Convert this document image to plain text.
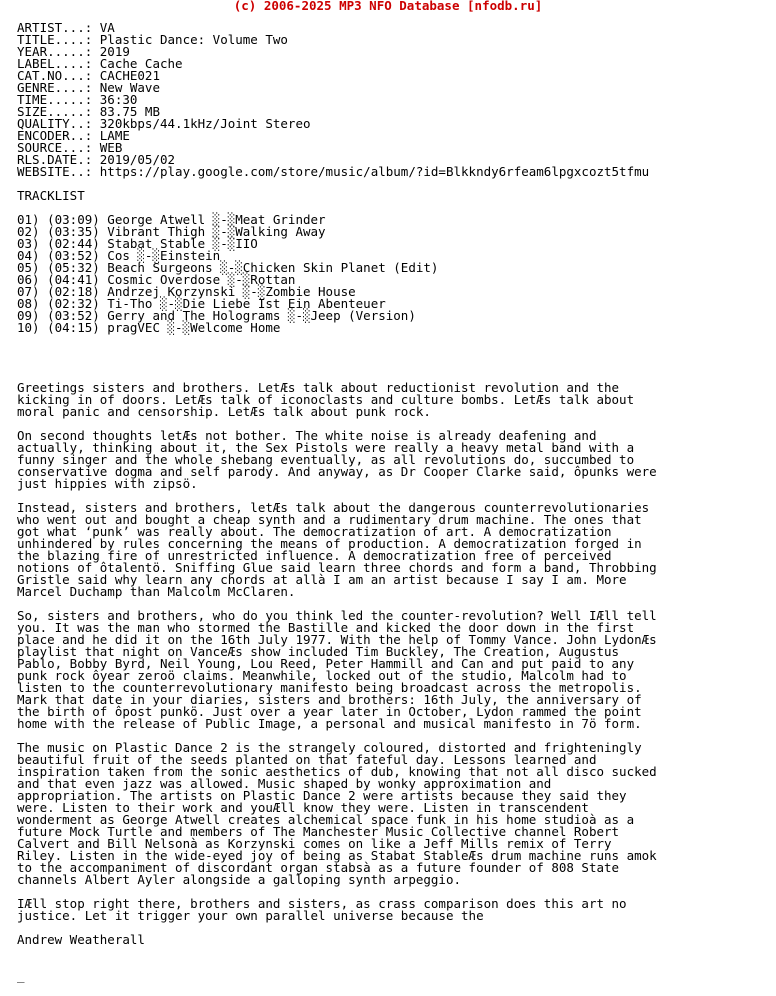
(c) 2006-2025 MP3 NFO Database [nfodb.ru]
ARTIST...: VA
TITLE....: Plastic Dance: Volume Two
YEAR.....: 2019
LABEL....: Cache Cache
CAT.NO...: CACHE021
GENRE....: New Wave
TIME.....: 36:30
SIZE.....: 83.75 MB
QUALITY..: 320kbps/44.1kHz/Joint Stereo
ENCODER..: LAME
SOURCE...: WEB
RLS.DATE.: 2019/05/02
WEBSITE..: https://play.google.com/store/music/album/?id=Blkkndy6rfeam6lpgxcozt5tfmu
TRACKLIST
01) (03:09) George Atwell ░-░Meat Grinder
02) (03:35) Vibrant Thigh ░-░Walking Away
03) (02:44) Stabat Stable ░-░IIO
04) (03:52) Cos ░-░Einstein
05) (05:32) Beach Surgeons ░-░Chicken Skin Planet (Edit)
06) (04:41) Cosmic Overdose ░-░Rottan
07) (02:18) Andrzej Korzynski ░-░Zombie House
08) (02:32) Ti-Tho ░-░Die Liebe Ist Ein Abenteuer
09) (03:52) Gerry and The Holograms ░-░Jeep (Version)
10) (04:15) pragVEC ░-░Welcome Home
Greetings sisters and brothers. LetÆs talk about reductionist revolution and the
kicking in of doors. LetÆs talk of iconoclasts and culture bombs. LetÆs talk about
moral panic and censorship. LetÆs talk about punk rock.
On second thoughts letÆs not bother. The white noise is already deafening and
actually, thinking about it, the Sex Pistols were really a heavy metal band with a
funny singer and the whole shebang eventually, as all revolutions do, succumbed to
conservative dogma and self parody. And anyway, as Dr Cooper Clarke said, ôpunks were
just hippies with zipsö.
Instead, sisters and brothers, letÆs talk about the dangerous counterrevolutionaries
who went out and bought a cheap synth and a rudimentary drum machine. The ones that
got what ‘punk’ was really about. The democratization of art. A democratization
unhindered by rules concerning the means of production. A democratization forged in
the blazing fire of unrestricted influence. A democratization free of perceived
notions of ôtalentö. Sniffing Glue said learn three chords and form a band, Throbbing
Gristle said why learn any chords at allà I am an artist because I say I am. More
Marcel Duchamp than Malcolm McClaren.
So, sisters and brothers, who do you think led the counter-revolution? Well IÆll tell
you. It was the man who stormed the Bastille and kicked the door down in the first
place and he did it on the 16th July 1977. With the help of Tommy Vance. John LydonÆs
playlist that night on VanceÆs show included Tim Buckley, The Creation, Augustus
Pablo, Bobby Byrd, Neil Young, Lou Reed, Peter Hammill and Can and put paid to any
punk rock ôyear zeroö claims. Meanwhile, locked out of the studio, Malcolm had to
listen to the counterrevolutionary manifesto being broadcast across the metropolis.
Mark that date in your diaries, sisters and brothers: 16th July, the anniversary of
the birth of ôpost punkö. Just over a year later in October, Lydon rammed the point
home with the release of Public Image, a personal and musical manifesto in 7ö form.
The music on Plastic Dance 2 is the strangely coloured, distorted and frighteningly
beautiful fruit of the seeds planted on that fateful day. Lessons learned and
inspiration taken from the sonic aesthetics of dub, knowing that not all disco sucked
and that even jazz was allowed. Music shaped by wonky approximation and
appropriation. The artists on Plastic Dance 2 were artists because they said they
were. Listen to their work and youÆll know they were. Listen in transcendent
wonderment as George Atwell creates alchemical space funk in his home studioà as a
future Mock Turtle and members of The Manchester Music Collective channel Robert
Calvert and Bill Nelsonà as Korzynski comes on like a Jeff Mills remix of Terry
Riley. Listen in the wide-eyed joy of being as Stabat StableÆs drum machine runs amok
to the accompaniment of discordant organ stabsà as a future founder of 808 State
channels Albert Ayler alongside a galloping synth arpeggio.
IÆll stop right there, brothers and sisters, as crass comparison does this art no
justice. Let it trigger your own parallel universe because the
Andrew Weatherall
_
